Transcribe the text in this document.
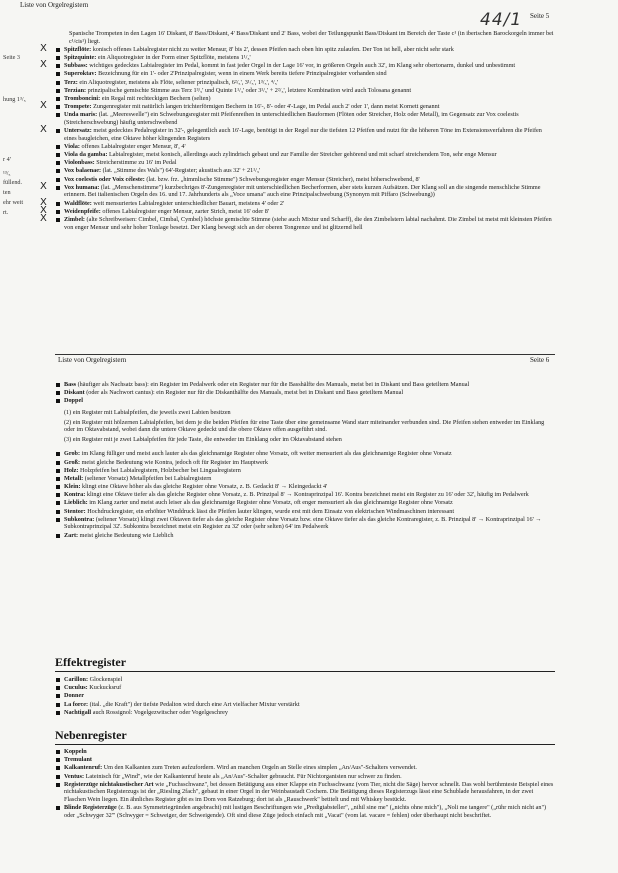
Liste von Orgelregistern
44/1 Seite 5
Seite 3
hung 1³/₅
r 4'
¹³/₅
füllend.
ten
ehr weit
rt.

Spanische Trompeten in den Lagen 16' Diskant, 8' Bass/Diskant, 4' Bass/Diskant und 2' Bass, wobei der Teilungspunkt Bass/Diskant im Bereich der Taste c¹ (in iberischen Barockorgeln immer bei c¹/cis¹) liegt.

X	Spitzflöte: konisch offenes Labialregister nicht zu weiter Mensur, 8' bis 2', dessen Pfeifen nach oben hin spitz zulaufen. Der Ton ist hell, aber nicht sehr stark

Spitzquinte: ein Aliquotregister in der Form einer Spitzflöte, meistens 1¹/₃'

X	Subbass: wichtiges gedecktes Labialregister im Pedal, kommt in fast jeder Orgel in der Lage 16' vor, in größeren Orgeln auch 32', im Klang sehr obertonarm, dunkel und unbestimmt

Superoktav: Bezeichnung für ein 1'- oder 2'Prinzipalregister, wenn in einem Werk bereits tiefere Prinzipalregister vorhanden sind

Terz: ein Aliquotregister, meistens als Flöte, seltener prinzipalisch, 6²/₅', 3¹/₅', 1³/₅', ⁴/₅'

Terzian: prinzipalische gemischte Stimme aus Terz 1³/₅' und Quinte 1¹/₃' oder 3¹/₅' + 2²/₃', letztere Kombination wird auch Tolosana genannt

Tromboncini: ein Regal mit rechteckigen Bechern (selten)

X	Trompete: Zungenregister mit natürlich langen trichterförmigen Bechern in 16'-, 8'- oder 4'-Lage, im Pedal auch 2' oder 1', dann meist Kornett genannt

Unda maris: (lat. „Meereswelle") ein Schwebungsregister mit Pfeifenreihen in unterschiedlichen Bauformen (Flöten oder Streicher, Holz oder Metall), im Gegensatz zur Vox coelestis (Streicherschwebung) häufig unterschwebend

X	Untersatz: meist gedecktes Pedalregister in 32'-, gelegentlich auch 16'-Lage, benötigt in der Regel nur die tiefsten 12 Pfeifen und nutzt für die höheren Töne im Extensionsverfahren die Pfeifen eines baugleichen, eine Oktave höher klingenden Registers

Viola: offenes Labialregister enger Mensur, 8', 4'

Viola da gamba: Labialregister, meist konisch, allerdings auch zylindrisch gebaut und zur Familie der Streicher gehörend und mit scharf streichendem Ton, sehr enge Mensur

Violonbass: Streicherstimme zu 16' im Pedal

Vox balaenae: (lat. „Stimme des Wals") 64'-Register; akustisch aus 32' + 21¹/₃'

Vox coelestis oder Voix céleste: (lat. bzw. frz. „himmlische Stimme") Schwebungsregister enger Mensur (Streicher), meist höherschwebend, 8'

X	Vox humana: (lat. „Menschenstimme") kurzbechriges 8'-Zungenregister mit unterschiedlichen Becherformen, aber stets kurzen Aufsätzen. Der Klang soll an die singende menschliche Stimme erinnern. Bei italienischen Orgeln des 16. und 17. Jahrhunderts als „Voce umana" auch eine Prinzipalschwebung (Synonym mit Piffaro (Schwebung))

X	Waldflöte: weit mensuriertes Labialregister unterschiedlicher Bauart, meistens 4' oder 2'

X	Weidenpfeife: offenes Labialregister enger Mensur, zarter Strich, meist 16' oder 8'

X	Zimbel: (alte Schreibweisen: Cimbel, Cimbal, Cymbel) höchste gemischte Stimme (siehe auch Mixtur und Scharff), die den Zimbelstern labial nachahmt. Die Zimbel ist meist mit kleinsten Pfeifen von enger Mensur und sehr hoher Tonlage besetzt. Der Klang bewegt sich an der oberen Tongrenze und ist glitzernd hell

Liste von Orgelregistern	Seite 6

Bass (häufiger als Nachsatz bass): ein Register im Pedalwerk oder ein Register nur für die Basshälfte des Manuals, meist bei in Diskant und Bass geteiltem Manual

Diskant (oder als Nachwort cantus): ein Register nur für die Diskanthälfte des Manuals, meist bei in Diskant und Bass geteiltem Manual

Doppel

(1) ein Register mit Labialpfeifen, die jeweils zwei Labien besitzen

(2) ein Register mit hölzernen Labialpfeifen, bei dem je die beiden Pfeifen für eine Taste über eine gemeinsame Wand starr miteinander verbunden sind. Die Pfeifen stehen entweder im Einklang oder im Oktavabstand, wobei dann die untere Oktave gedeckt und die obere Oktave offen ausgeführt sind.

(3) ein Register mit je zwei Labialpfeifen für jede Taste, die entweder im Einklang oder im Oktavabstand stehen

Grob: im Klang fülliger und meist auch lauter als das gleichnamige Register ohne Vorsatz, oft weiter mensuriert als das gleichnamige Register ohne Vorsatz

Groß: meist gleiche Bedeutung wie Kontra, jedoch oft für Register im Hauptwerk

Holz: Holzpfeifen bei Labialregistern, Holzbecher bei Lingualregistern

Metall: (seltener Vorsatz) Metallpfeifen bei Labialregistern

Klein: klingt eine Oktave höher als das gleiche Register ohne Vorsatz, z. B. Gedackt 8' → Kleingedackt 4'

Kontra: klingt eine Oktave tiefer als das gleiche Register ohne Vorsatz, z. B. Prinzipal 8' → Kontraprinzipal 16'. Kontra bezeichnet meist ein Register zu 16' oder 32', häufig im Pedalwerk

Lieblich: im Klang zarter und meist auch leiser als das gleichnamige Register ohne Vorsatz, oft enger mensuriert als das gleichnamige Register ohne Vorsatz

Stentor: Hochdruckregister, ein erhöhter Winddruck lässt die Pfeifen lauter klingen, wurde erst mit dem Einsatz von elektrischen Windmaschinen interessant

Subkontra: (seltener Vorsatz) klingt zwei Oktaven tiefer als das gleiche Register ohne Vorsatz bzw. eine Oktave tiefer als das gleiche Kontraregister, z. B. Prinzipal 8' → Kontraprinzipal 16' → Subkontraprinzipal 32'. Subkontra bezeichnet meist ein Register zu 32' oder (sehr selten) 64' im Pedalwerk

Zart: meist gleiche Bedeutung wie Lieblich

Effektregister

Carillon: Glockenspiel

Cuculus: Kuckucksruf

Donner

La force: (ital. „die Kraft") der tiefste Pedalton wird durch eine Art vielfacher Mixtur verstärkt

Nachtigall auch Rossignol: Vogelgezwitscher oder Vogelgeschrey

Nebenregister

Koppeln

Tremulant

Kalkantenruf: Um den Kalkanten zum Treten aufzufordern. Wird an manchen Orgeln an Stelle eines simplen „An/Aus"-Schalters verwendet.

Ventus: Lateinisch für „Wind", wie der Kalkantenruf heute als „An/Aus"-Schalter gebraucht. Für Nichtorganisten nur schwer zu finden.

Registerzüge nichtakustischer Art wie „Fuchsschwanz", bei dessen Betätigung aus einer Klappe ein Fuchsschwanz (vom Tier, nicht die Säge) hervor schnellt. Das wohl berühmteste Beispiel eines nichtakustischen Registerzugs ist der „Riesling 2fach", gebaut in einer Orgel in der Weinbaustadt Cochem. Die Betätigung dieses Registerzugs lässt eine Schublade herausfahren, in der zwei Flaschen Wein liegen. Ein ähnliches Register gibt es im Dom von Ratzeburg; dort ist als „Rauschwerk" betitelt und mit Whiskey bestückt.

Blinde Registerzüge (z. B. aus Symmetriegründen angebracht) mit lustigen Beschriftungen wie „Predigtabsteller", „nihil sine me" („nichts ohne mich"), „Noli me tangere" („rühr mich nicht an") oder „Schwyger 32'" (Schwyger = Schweiger, der Schweigende). Oft sind diese Züge jedoch einfach mit „Vacat" (vom lat. vacare = fehlen) oder überhaupt nicht beschriftet.
